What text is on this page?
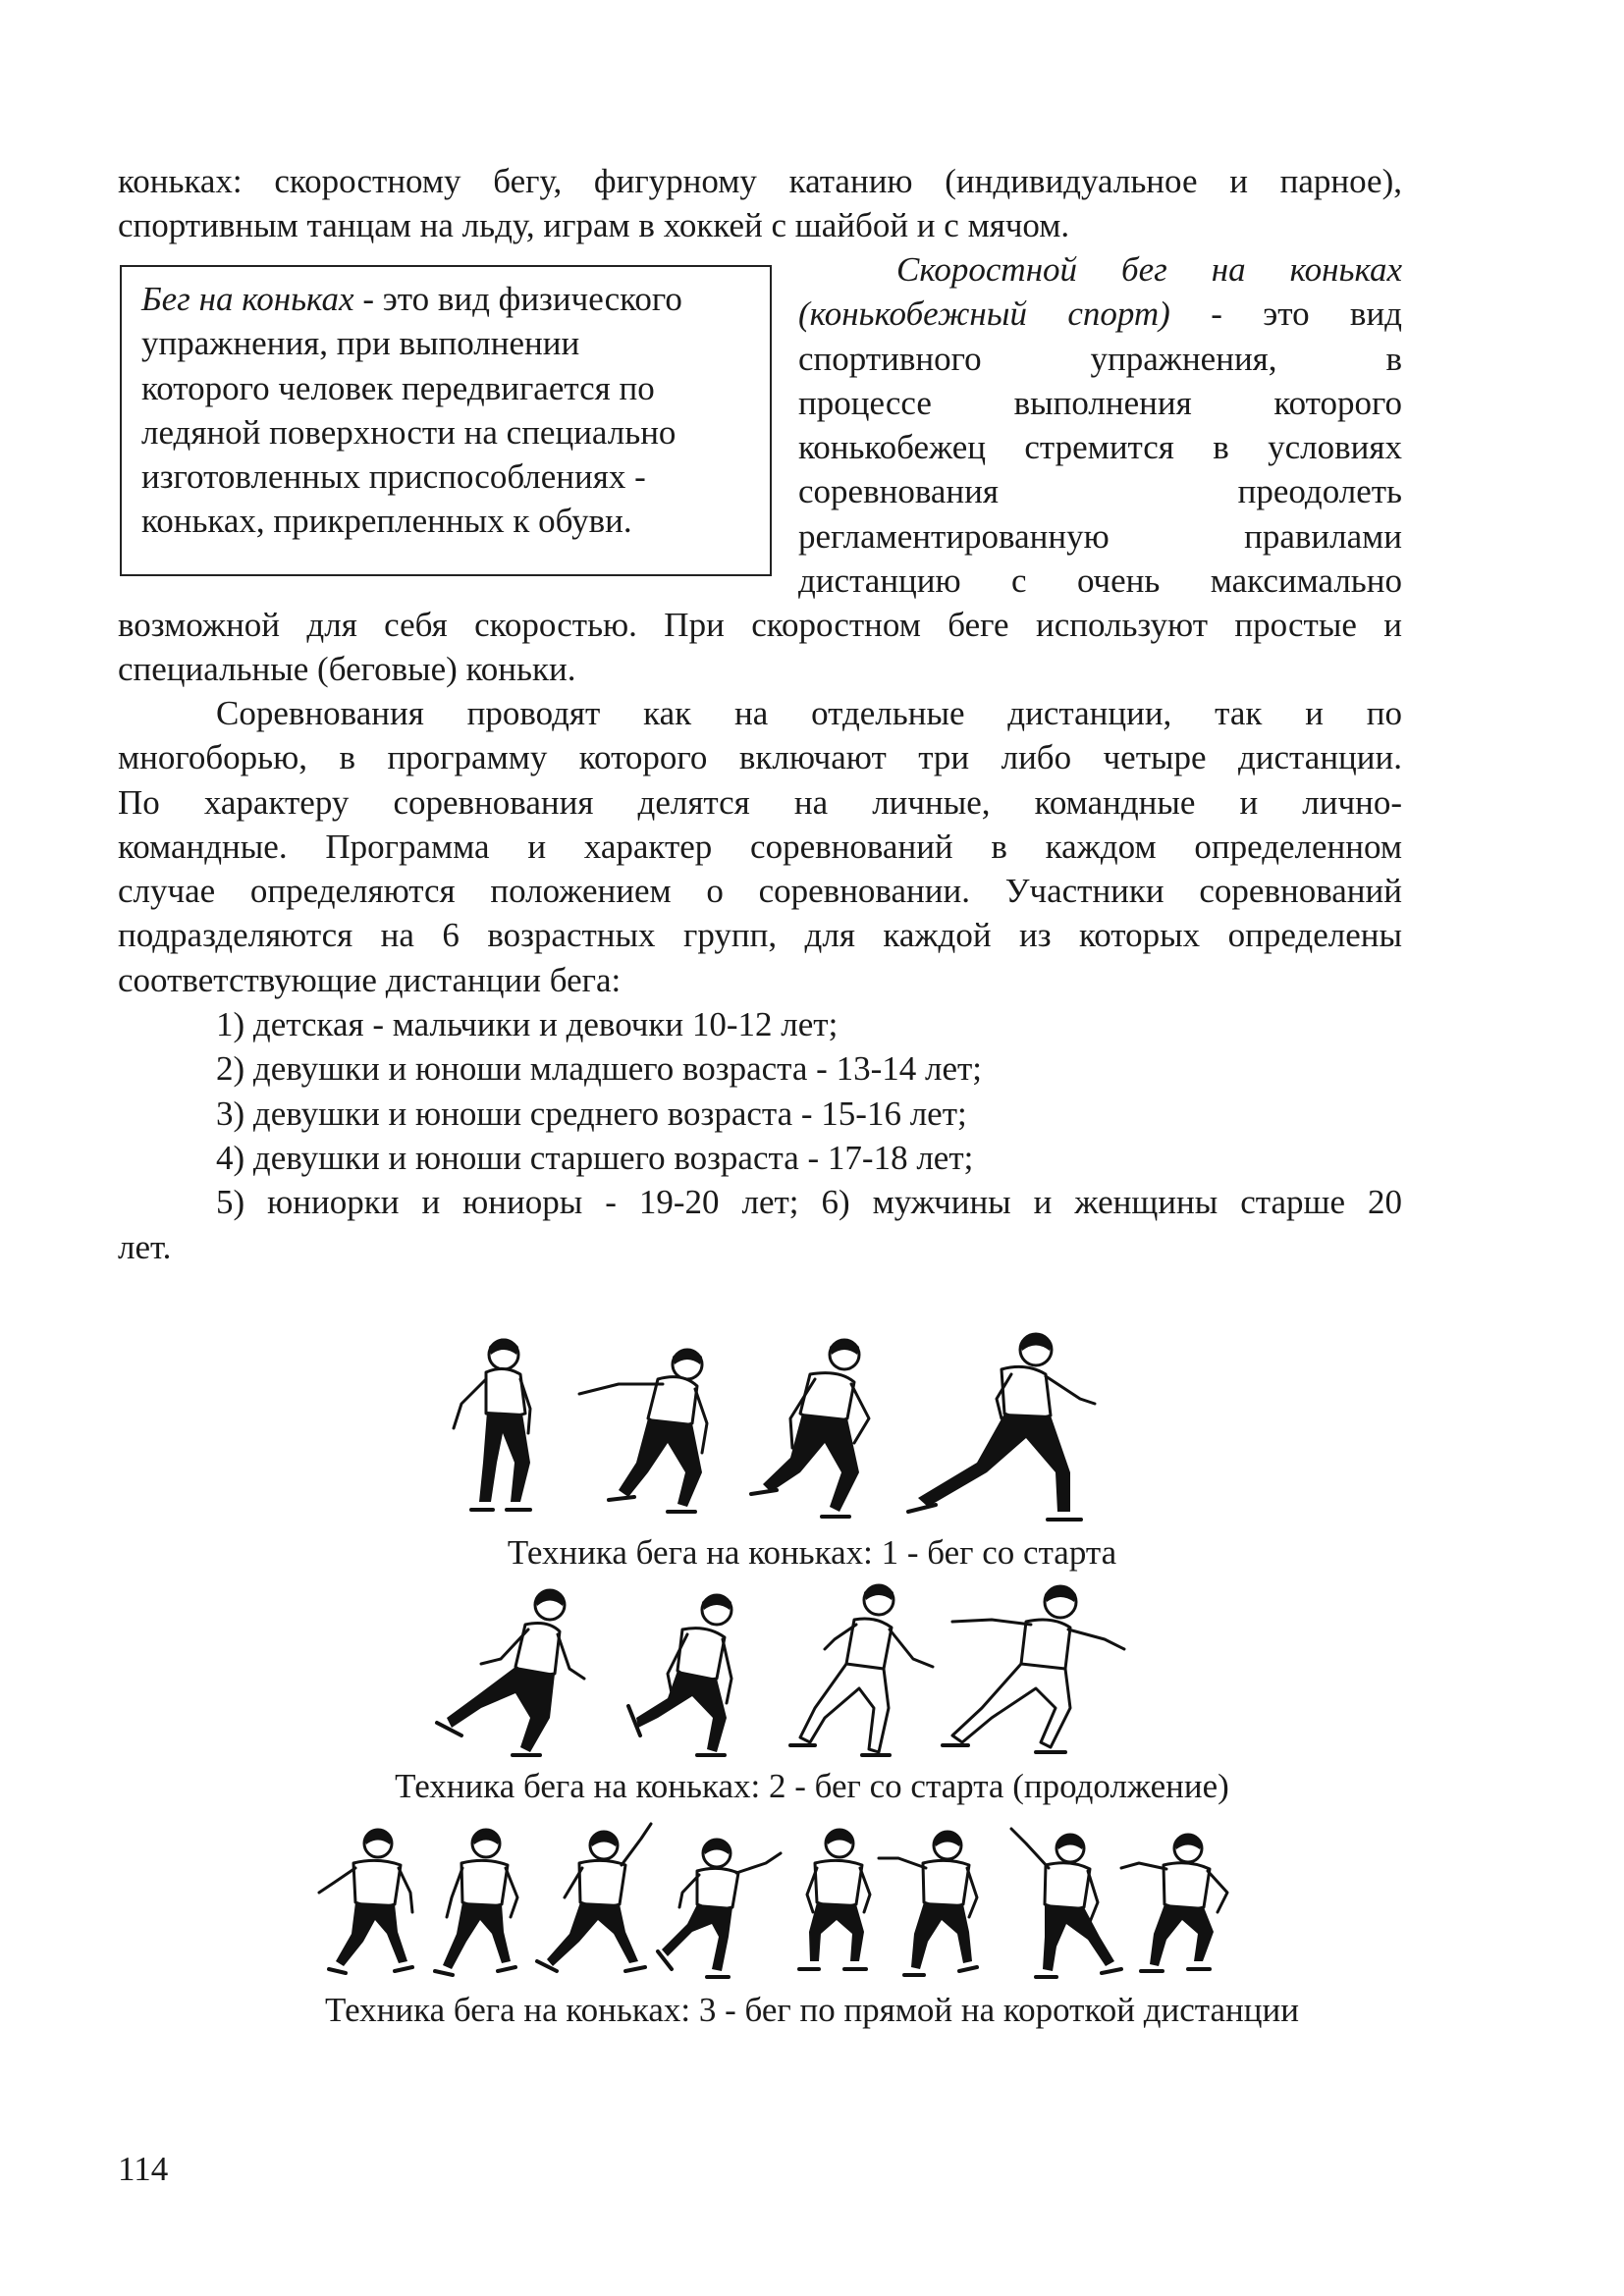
коньках: скоростному бегу, фигурному катанию (индивидуальное и парное),
спортивным танцам на льду, играм в хоккей с шайбой и с мячом.
Бег на коньках - это вид физического
упражнения, при выполнении
которого человек передвигается по
ледяной поверхности на специально
изготовленных приспособлениях -
коньках, прикрепленных к обуви.
Скоростной бег на коньках
(конькобежный спорт) - это вид
спортивного упражнения, в
процессе выполнения которого
конькобежец стремится в условиях
соревнования преодолеть
регламентированную правилами
дистанцию с очень максимально
возможной для себя скоростью. При скоростном беге используют простые и
специальные (беговые) коньки.
Соревнования проводят как на отдельные дистанции, так и по
многоборью, в программу которого включают три либо четыре дистанции.
По характеру соревнования делятся на личные, командные и лично-
командные. Программа и характер соревнований в каждом определенном
случае определяются положением о соревновании. Участники соревнований
подразделяются на 6 возрастных групп, для каждой из которых определены
соответствующие дистанции бега:
1) детская - мальчики и девочки 10-12 лет;
2) девушки и юноши младшего возраста - 13-14 лет;
3) девушки и юноши среднего возраста - 15-16 лет;
4) девушки и юноши старшего возраста - 17-18 лет;
5) юниорки и юниоры - 19-20 лет; 6) мужчины и женщины старше 20
лет.
Техника бега на коньках: 1 - бег со старта
Техника бега на коньках: 2 - бег со старта (продолжение)
Техника бега на коньках: 3 - бег по прямой на короткой дистанции
114
